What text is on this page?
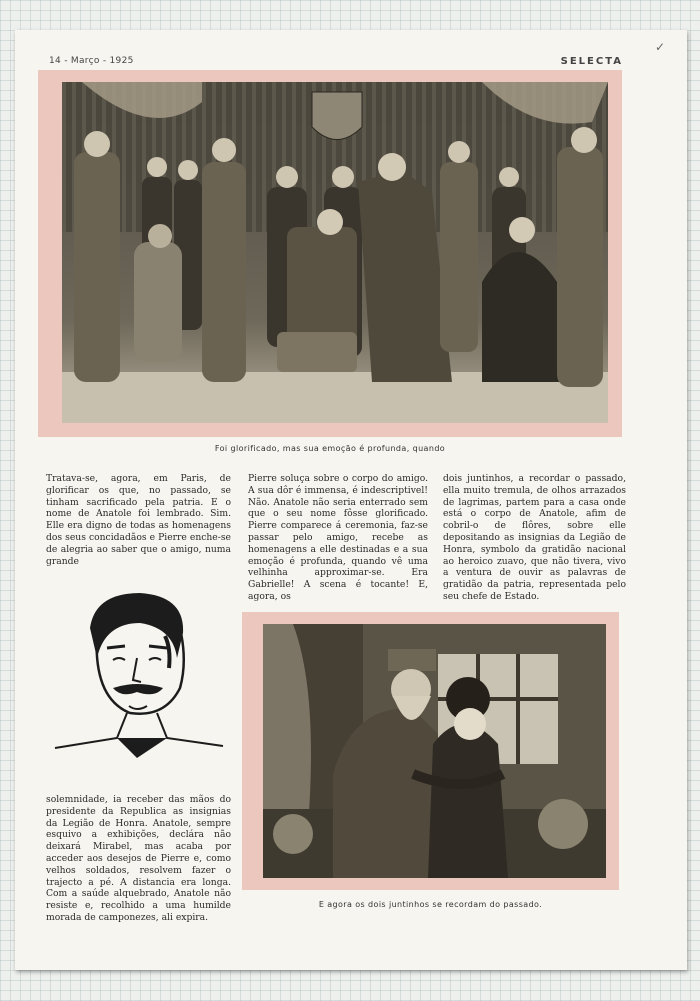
14 - Março - 1925	SELECTA
✓
Foi glorificado, mas sua emoção é profunda, quando

Tratava-se, agora, em Paris, de glorificar os que, no passado, se tinham sacrificado pela patria. E o nome de Anatole foi lembrado. Sim. Elle era digno de todas as homenagens dos seus concidadãos e Pierre enche-se de alegria ao saber que o amigo, numa grande

Pierre soluça sobre o corpo do amigo. A sua dôr é immensa, é indescriptivel! Não. Anatole não seria enterrado sem que o seu nome fôsse glorificado. Pierre comparece á ceremonia, faz-se passar pelo amigo, recebe as homenagens a elle destinadas e a sua emoção é profunda, quando vê uma velhinha approximar-se. Era Gabrielle! A scena é tocante! E, agora, os

dois juntinhos, a recordar o passado, ella muito tremula, de olhos arrazados de lagrimas, partem para a casa onde está o corpo de Anatole, afim de cobril-o de flôres, sobre elle depositando as insignias da Legião de Honra, symbolo da gratidão nacional ao heroico zuavo, que não tivera, vivo a ventura de ouvir as palavras de gratidão da patria, representada pelo seu chefe de Estado.

solemnidade, ia receber das mãos do presidente da Republica as insignias da Legião de Honra. Anatole, sempre esquivo a exhibições, declára não deixará Mirabel, mas acaba por acceder aos desejos de Pierre e, como velhos soldados, resolvem fazer o trajecto a pé. A distancia era longa. Com a saúde alquebrado, Anatole não resiste e, recolhido a uma humilde morada de camponezes, ali expira.

E agora os dois juntinhos se recordam do passado.
